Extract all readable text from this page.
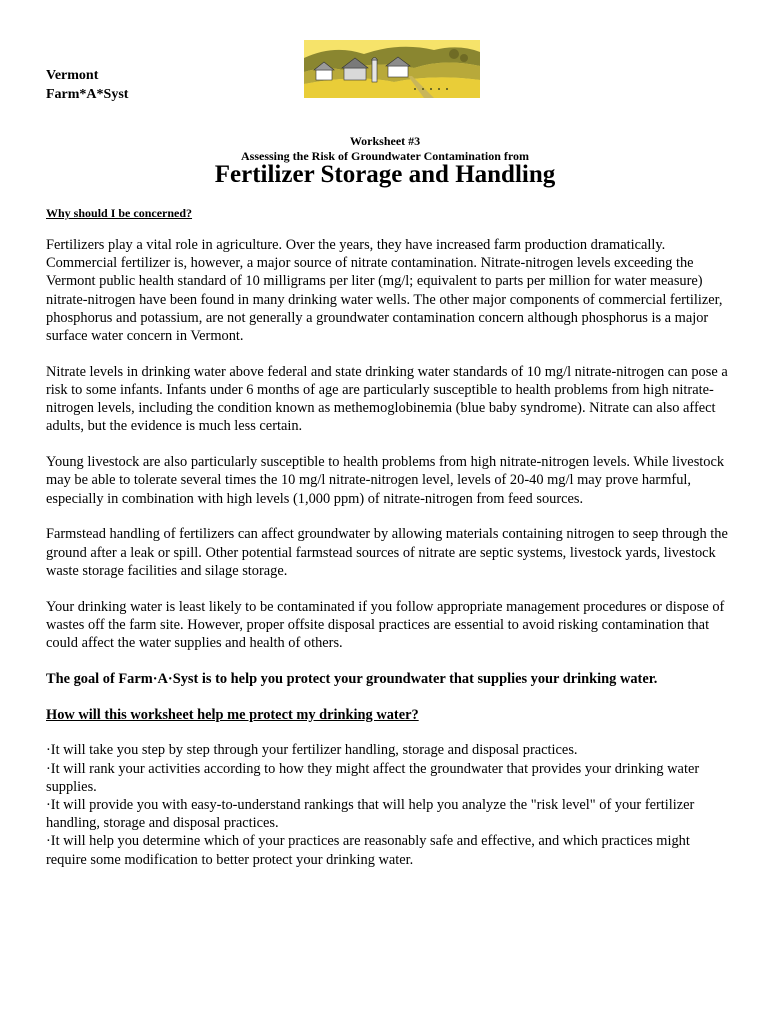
Vermont
Farm*A*Syst
Worksheet #3
Assessing the Risk of Groundwater Contamination from
Fertilizer Storage and Handling
Why should I be concerned?

Fertilizers play a vital role in agriculture. Over the years, they have increased farm production dramatically. Commercial fertilizer is, however, a major source of nitrate contamination. Nitrate-nitrogen levels exceeding the Vermont public health standard of 10 milligrams per liter (mg/l; equivalent to parts per million for water measure) nitrate-nitrogen have been found in many drinking water wells. The other major components of commercial fertilizer, phosphorus and potassium, are not generally a groundwater contamination concern although phosphorus is a major surface water concern in Vermont.

Nitrate levels in drinking water above federal and state drinking water standards of 10 mg/l nitrate-nitrogen can pose a risk to some infants. Infants under 6 months of age are particularly susceptible to health problems from high nitrate-nitrogen levels, including the condition known as methemoglobinemia (blue baby syndrome). Nitrate can also affect adults, but the evidence is much less certain.

Young livestock are also particularly susceptible to health problems from high nitrate-nitrogen levels. While livestock may be able to tolerate several times the 10 mg/l nitrate-nitrogen level, levels of 20-40 mg/l may prove harmful, especially in combination with high levels (1,000 ppm) of nitrate-nitrogen from feed sources.

Farmstead handling of fertilizers can affect groundwater by allowing materials containing nitrogen to seep through the ground after a leak or spill. Other potential farmstead sources of nitrate are septic systems, livestock yards, livestock waste storage facilities and silage storage.

Your drinking water is least likely to be contaminated if you follow appropriate management procedures or dispose of wastes off the farm site. However, proper offsite disposal practices are essential to avoid risking contamination that could affect the water supplies and health of others.

The goal of Farm·A·Syst is to help you protect your groundwater that supplies your drinking water.

How will this worksheet help me protect my drinking water?
·It will take you step by step through your fertilizer handling, storage and disposal practices.
·It will rank your activities according to how they might affect the groundwater that provides your drinking water supplies.
·It will provide you with easy-to-understand rankings that will help you analyze the "risk level" of your fertilizer handling, storage and disposal practices.
·It will help you determine which of your practices are reasonably safe and effective, and which practices might require some modification to better protect your drinking water.
